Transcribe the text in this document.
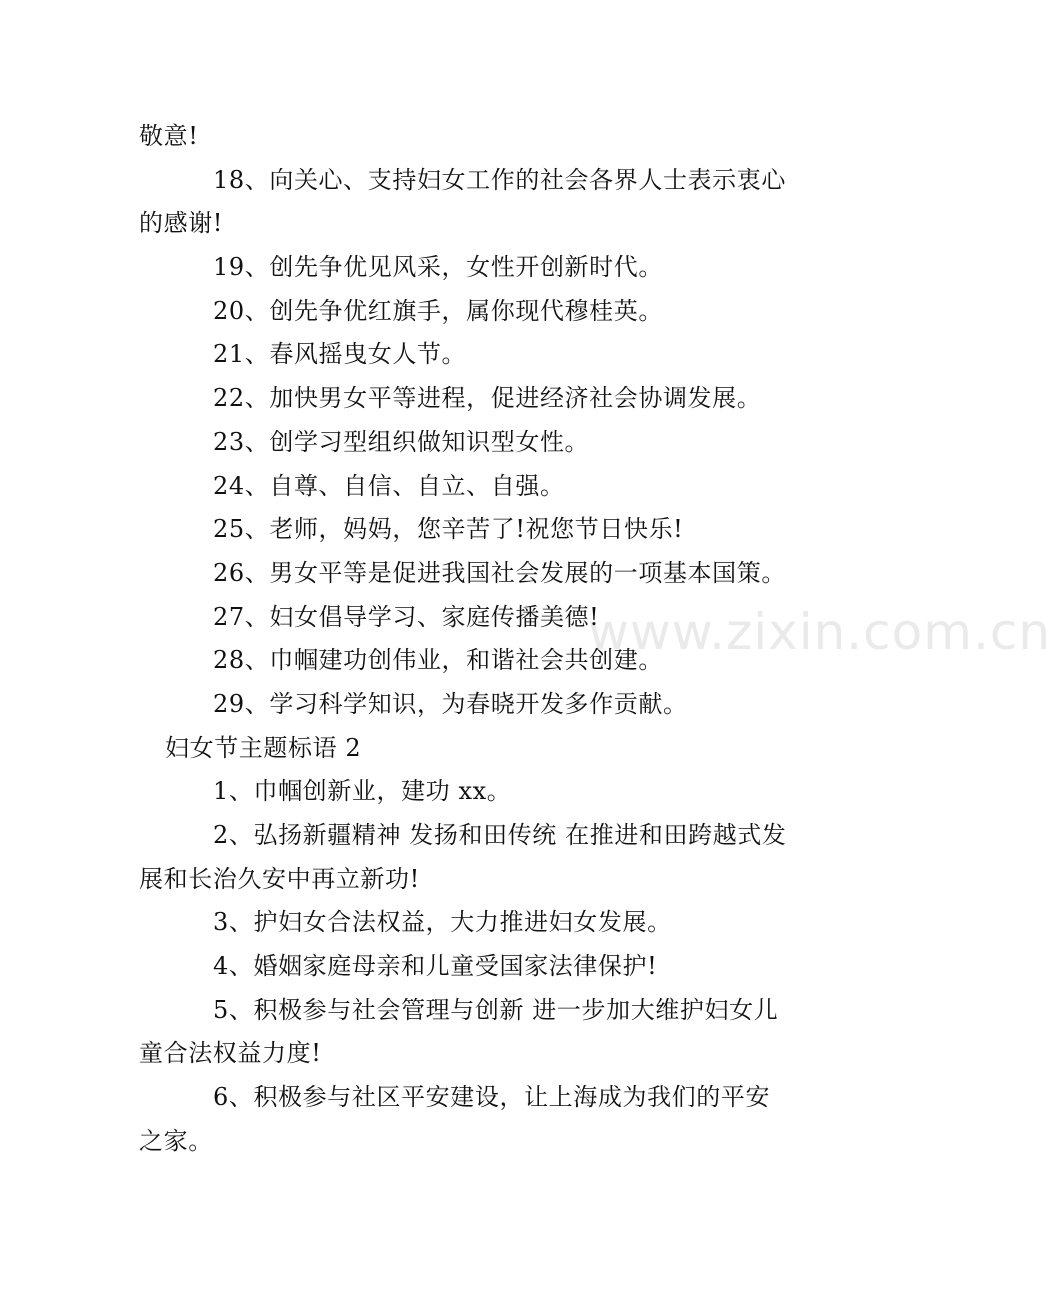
www.zixin.com.cn
敬意!
18、向关心、支持妇女工作的社会各界人士表示衷心
的感谢!
19、创先争优见风采，女性开创新时代。
20、创先争优红旗手，属你现代穆桂英。
21、春风摇曳女人节。
22、加快男女平等进程，促进经济社会协调发展。
23、创学习型组织做知识型女性。
24、自尊、自信、自立、自强。
25、老师，妈妈，您辛苦了!祝您节日快乐!
26、男女平等是促进我国社会发展的一项基本国策。
27、妇女倡导学习、家庭传播美德!
28、巾帼建功创伟业，和谐社会共创建。
29、学习科学知识，为春晓开发多作贡献。
妇女节主题标语 2
1、巾帼创新业，建功 xx。
2、弘扬新疆精神 发扬和田传统 在推进和田跨越式发
展和长治久安中再立新功!
3、护妇女合法权益，大力推进妇女发展。
4、婚姻家庭母亲和儿童受国家法律保护!
5、积极参与社会管理与创新 进一步加大维护妇女儿
童合法权益力度!
6、积极参与社区平安建设，让上海成为我们的平安
之家。
